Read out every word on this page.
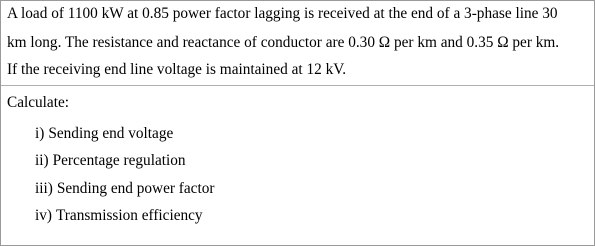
A load of 1100 kW at 0.85 power factor lagging is received at the end of a 3-phase line 30
km long. The resistance and reactance of conductor are 0.30 Ω per km and 0.35 Ω per km.
If the receiving end line voltage is maintained at 12 kV.
Calculate:
i) Sending end voltage
ii) Percentage regulation
iii) Sending end power factor
iv) Transmission efficiency
